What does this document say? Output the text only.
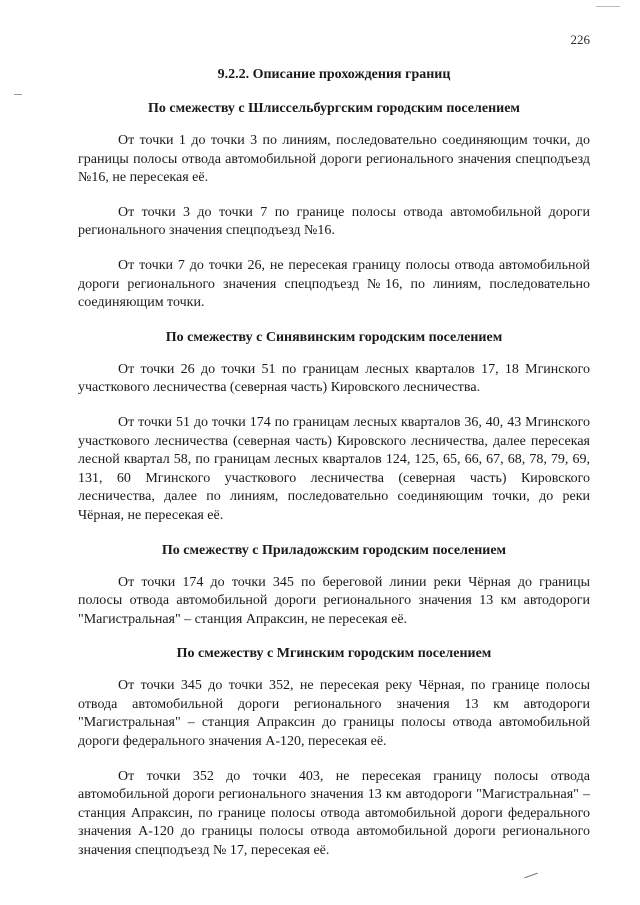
226
9.2.2. Описание прохождения границ
По смежеству с Шлиссельбургским городским поселением

От точки 1 до точки 3 по линиям, последовательно соединяющим точки, до границы полосы отвода автомобильной дороги регионального значения спецподъезд №16, не пересекая её.

От точки 3 до точки 7 по границе полосы отвода автомобильной дороги регионального значения спецподъезд №16.

От точки 7 до точки 26, не пересекая границу полосы отвода автомобильной дороги регионального значения спецподъезд №16, по линиям, последовательно соединяющим точки.

По смежеству с Синявинским городским поселением

От точки 26 до точки 51 по границам лесных кварталов 17, 18 Мгинского участкового лесничества (северная часть) Кировского лесничества.

От точки 51 до точки 174 по границам лесных кварталов 36, 40, 43 Мгинского участкового лесничества (северная часть) Кировского лесничества, далее пересекая лесной квартал 58, по границам лесных кварталов 124, 125, 65, 66, 67, 68, 78, 79, 69, 131, 60 Мгинского участкового лесничества (северная часть) Кировского лесничества, далее по линиям, последовательно соединяющим точки, до реки Чёрная, не пересекая её.

По смежеству с Приладожским городским поселением

От точки 174 до точки 345 по береговой линии реки Чёрная до границы полосы отвода автомобильной дороги регионального значения 13 км автодороги "Магистральная" – станция Апраксин, не пересекая её.

По смежеству с Мгинским городским поселением

От точки 345 до точки 352, не пересекая реку Чёрная, по границе полосы отвода автомобильной дороги регионального значения 13 км автодороги "Магистральная" – станция Апраксин до границы полосы отвода автомобильной дороги федерального значения А-120, пересекая её.

От точки 352 до точки 403, не пересекая границу полосы отвода автомобильной дороги регионального значения 13 км автодороги "Магистральная" – станция Апраксин, по границе полосы отвода автомобильной дороги федерального значения А-120 до границы полосы отвода автомобильной дороги регионального значения спецподъезд № 17, пересекая её.
